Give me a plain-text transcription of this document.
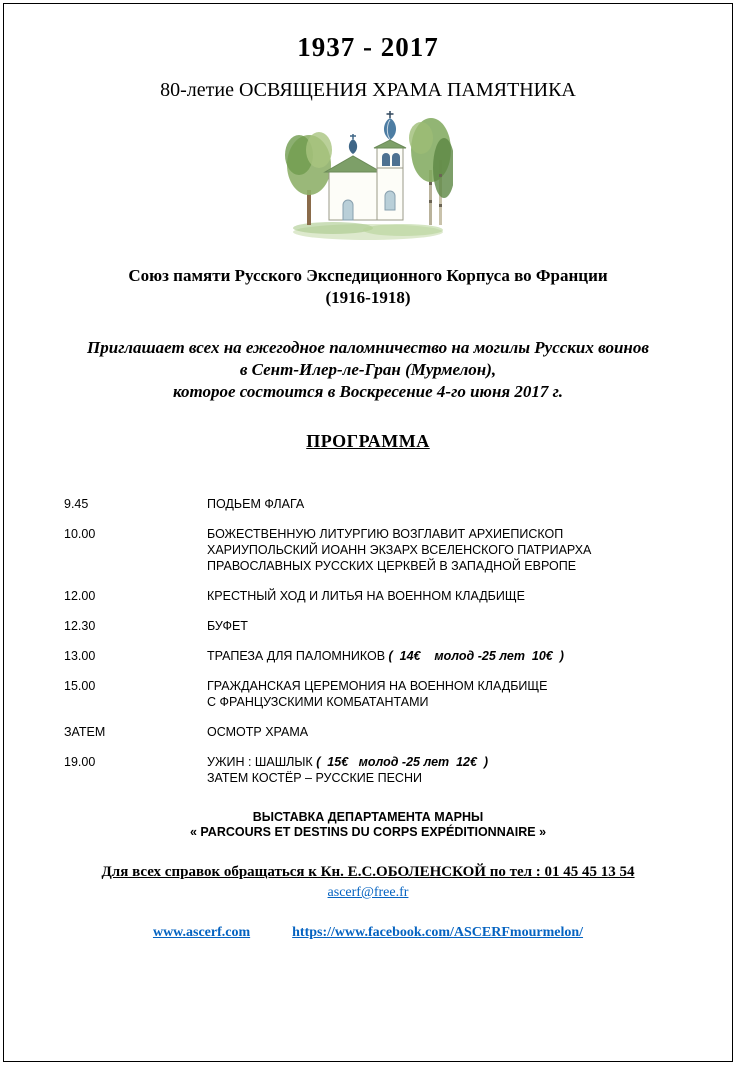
1937 - 2017
80-летие ОСВЯЩЕНИЯ ХРАМА ПАМЯТНИКА

Союз памяти Русского Экспедиционного Корпуса во Франции

(1916-1918)

Приглашает всех на ежегодное паломничество на могилы Русских воинов

в Сент-Илер-ле-Гран (Мурмелон),

которое состоится в Воскресение 4-го июня 2017 г.

ПРОГРАММА
9.45	ПОДЬЕМ ФЛАГА
10.00	БОЖЕСТВЕННУЮ ЛИТУРГИЮ ВОЗГЛАВИТ АРХИЕПИСКОП
ХАРИУПОЛЬСКИЙ ИОАНН ЭКЗАРХ ВСЕЛЕНСКОГО ПАТРИАРХА
ПРАВОСЛАВНЫХ РУССКИХ ЦЕРКВЕЙ В ЗАПАДНОЙ ЕВРОПЕ
12.00	КРЕСТНЫЙ ХОД И ЛИТЬЯ НА ВОЕННОМ КЛАДБИЩЕ
12.30	БУФЕТ
13.00	ТРАПЕЗА ДЛЯ ПАЛОМНИКОВ (  14€    молод -25 лет  10€  )
15.00	ГРАЖДАНСКАЯ ЦЕРЕМОНИЯ НА ВОЕННОМ КЛАДБИЩЕ
С ФРАНЦУЗСКИМИ КОМБАТАНТАМИ
ЗАТЕМ	ОСМОТР ХРАМА
19.00	УЖИН : ШАШЛЫК (  15€   молод -25 лет  12€  )
ЗАТЕМ КОСТЁР – РУССКИЕ ПЕСНИ
ВЫСТАВКА ДЕПАРТАМЕНТА МАРНЫ
« PARCOURS ET DESTINS DU CORPS EXPÉDITIONNAIRE »

Для всех справок обращаться к Кн. Е.С.ОБОЛЕНСКОЙ по тел : 01 45 45 13 54

ascerf@free.fr

www.ascerf.com	https://www.facebook.com/ASCERFmourmelon/
